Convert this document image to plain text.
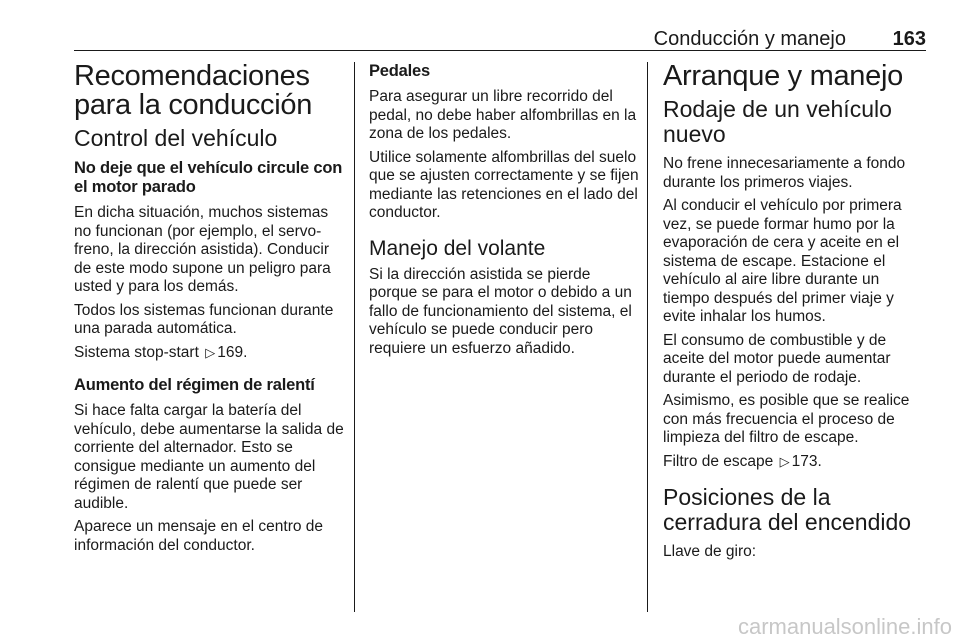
Conducción y manejo 163
Recomendaciones para la conducción
Control del vehículo
No deje que el vehículo circule con el motor parado

En dicha situación, muchos sistemas no funcionan (por ejemplo, el servo-freno, la dirección asistida). Conducir de este modo supone un peligro para usted y para los demás.

Todos los sistemas funcionan durante una parada automática.

Sistema stop-start ▷ 169.

Aumento del régimen de ralentí

Si hace falta cargar la batería del vehículo, debe aumentarse la salida de corriente del alternador. Esto se consigue mediante un aumento del régimen de ralentí que puede ser audible.

Aparece un mensaje en el centro de información del conductor.

Pedales

Para asegurar un libre recorrido del pedal, no debe haber alfombrillas en la zona de los pedales.

Utilice solamente alfombrillas del suelo que se ajusten correctamente y se fijen mediante las retenciones en el lado del conductor.

Manejo del volante

Si la dirección asistida se pierde porque se para el motor o debido a un fallo de funcionamiento del sistema, el vehículo se puede conducir pero requiere un esfuerzo añadido.

Arranque y manejo
Rodaje de un vehículo nuevo

No frene innecesariamente a fondo durante los primeros viajes.

Al conducir el vehículo por primera vez, se puede formar humo por la evaporación de cera y aceite en el sistema de escape. Estacione el vehículo al aire libre durante un tiempo después del primer viaje y evite inhalar los humos.

El consumo de combustible y de aceite del motor puede aumentar durante el periodo de rodaje.

Asimismo, es posible que se realice con más frecuencia el proceso de limpieza del filtro de escape.

Filtro de escape ▷ 173.

Posiciones de la cerradura del encendido

Llave de giro:

carmanualsonline.info
